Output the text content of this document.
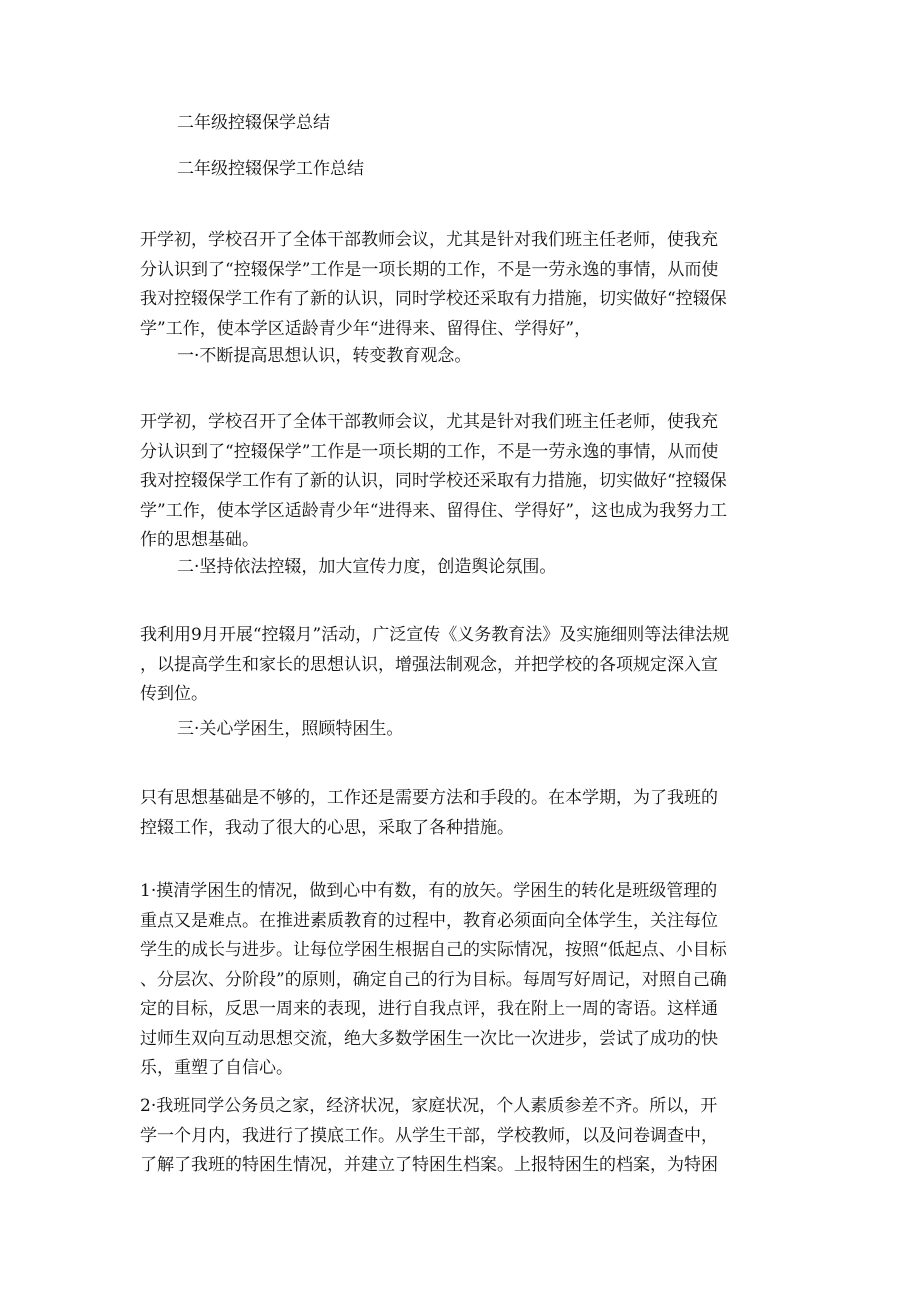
二年级控辍保学总结
二年级控辍保学工作总结
开学初，学校召开了全体干部教师会议，尤其是针对我们班主任老师，使我充
分认识到了“控辍保学”工作是一项长期的工作，不是一劳永逸的事情，从而使
我对控辍保学工作有了新的认识，同时学校还采取有力措施，切实做好“控辍保
学”工作，使本学区适龄青少年“进得来、留得住、学得好”，
一·不断提高思想认识，转变教育观念。
开学初，学校召开了全体干部教师会议，尤其是针对我们班主任老师，使我充
分认识到了“控辍保学”工作是一项长期的工作，不是一劳永逸的事情，从而使
我对控辍保学工作有了新的认识，同时学校还采取有力措施，切实做好“控辍保
学”工作，使本学区适龄青少年“进得来、留得住、学得好”，这也成为我努力工
作的思想基础。
二·坚持依法控辍，加大宣传力度，创造舆论氛围。
我利用9月开展“控辍月”活动，广泛宣传《义务教育法》及实施细则等法律法规
，以提高学生和家长的思想认识，增强法制观念，并把学校的各项规定深入宣
传到位。
三·关心学困生，照顾特困生。
只有思想基础是不够的，工作还是需要方法和手段的。在本学期，为了我班的
控辍工作，我动了很大的心思，采取了各种措施。
1·摸清学困生的情况，做到心中有数，有的放矢。学困生的转化是班级管理的
重点又是难点。在推进素质教育的过程中，教育必须面向全体学生，关注每位
学生的成长与进步。让每位学困生根据自己的实际情况，按照“低起点、小目标
、分层次、分阶段”的原则，确定自己的行为目标。每周写好周记，对照自己确
定的目标，反思一周来的表现，进行自我点评，我在附上一周的寄语。这样通
过师生双向互动思想交流，绝大多数学困生一次比一次进步，尝试了成功的快
乐，重塑了自信心。
2·我班同学公务员之家，经济状况，家庭状况，个人素质参差不齐。所以，开
学一个月内，我进行了摸底工作。从学生干部，学校教师，以及问卷调查中，
了解了我班的特困生情况，并建立了特困生档案。上报特困生的档案，为特困
